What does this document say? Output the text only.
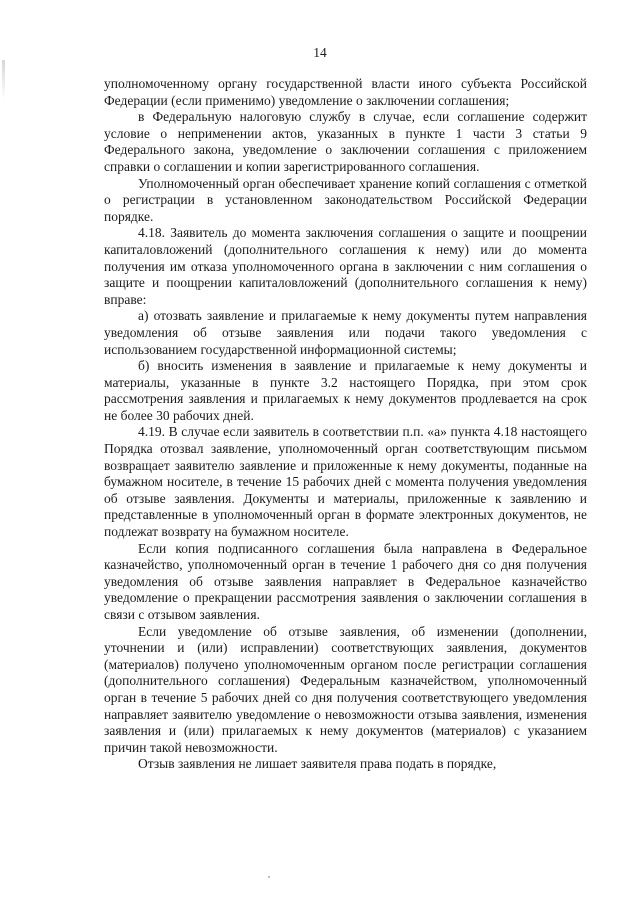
14

уполномоченному органу государственной власти иного субъекта Российской Федерации (если применимо) уведомление о заключении соглашения;

в Федеральную налоговую службу в случае, если соглашение содержит условие о неприменении актов, указанных в пункте 1 части 3 статьи 9 Федерального закона, уведомление о заключении соглашения с приложением справки о соглашении и копии зарегистрированного соглашения.

Уполномоченный орган обеспечивает хранение копий соглашения с отметкой о регистрации в установленном законодательством Российской Федерации порядке.

4.18. Заявитель до момента заключения соглашения о защите и поощрении капиталовложений (дополнительного соглашения к нему) или до момента получения им отказа уполномоченного органа в заключении с ним соглашения о защите и поощрении капиталовложений (дополнительного соглашения к нему) вправе:

а) отозвать заявление и прилагаемые к нему документы путем направления уведомления об отзыве заявления или подачи такого уведомления с использованием государственной информационной системы;

б) вносить изменения в заявление и прилагаемые к нему документы и материалы, указанные в пункте 3.2 настоящего Порядка, при этом срок рассмотрения заявления и прилагаемых к нему документов продлевается на срок не более 30 рабочих дней.

4.19. В случае если заявитель в соответствии п.п. «а» пункта 4.18 настоящего Порядка отозвал заявление, уполномоченный орган соответствующим письмом возвращает заявителю заявление и приложенные к нему документы, поданные на бумажном носителе, в течение 15 рабочих дней с момента получения уведомления об отзыве заявления. Документы и материалы, приложенные к заявлению и представленные в уполномоченный орган в формате электронных документов, не подлежат возврату на бумажном носителе.

Если копия подписанного соглашения была направлена в Федеральное казначейство, уполномоченный орган в течение 1 рабочего дня со дня получения уведомления об отзыве заявления направляет в Федеральное казначейство уведомление о прекращении рассмотрения заявления о заключении соглашения в связи с отзывом заявления.

Если уведомление об отзыве заявления, об изменении (дополнении, уточнении и (или) исправлении) соответствующих заявления, документов (материалов) получено уполномоченным органом после регистрации соглашения (дополнительного соглашения) Федеральным казначейством, уполномоченный орган в течение 5 рабочих дней со дня получения соответствующего уведомления направляет заявителю уведомление о невозможности отзыва заявления, изменения заявления и (или) прилагаемых к нему документов (материалов) с указанием причин такой невозможности.

Отзыв заявления не лишает заявителя права подать в порядке,
